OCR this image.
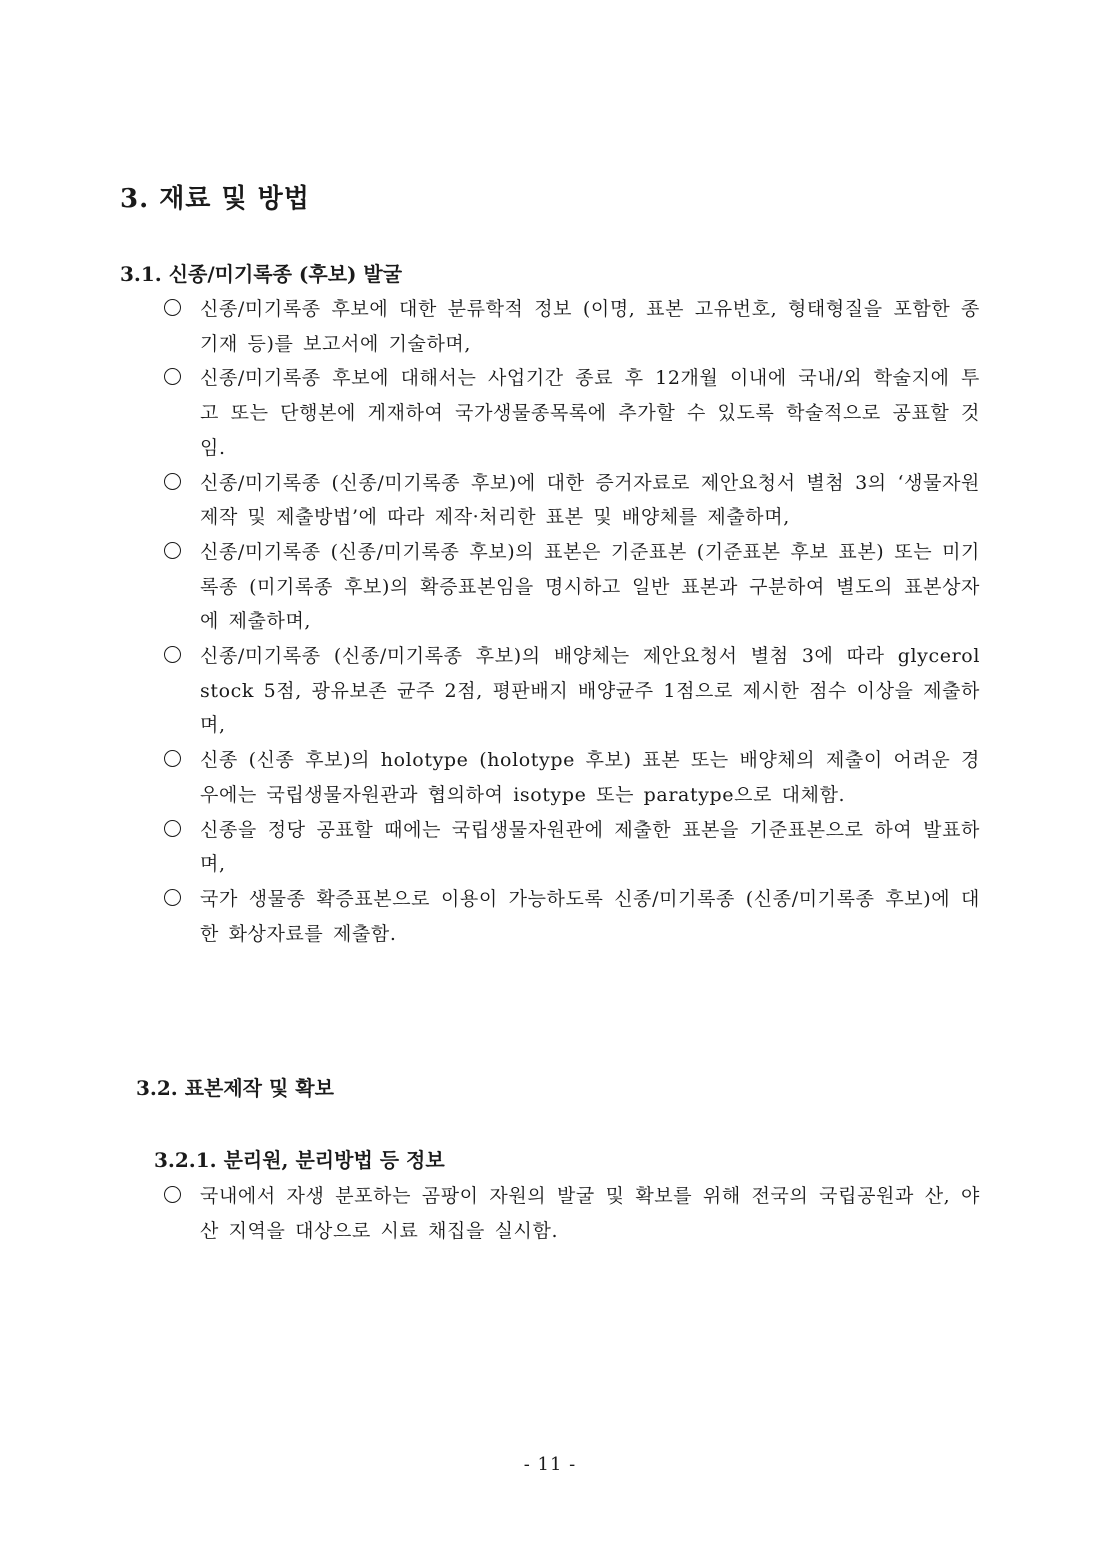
3. 재료 및 방법
3.1. 신종/미기록종 (후보) 발굴
신종/미기록종 후보에 대한 분류학적 정보 (이명, 표본 고유번호, 형태형질을 포함한 종기재 등)를 보고서에 기술하며,
신종/미기록종 후보에 대해서는 사업기간 종료 후 12개월 이내에 국내/외 학술지에 투고 또는 단행본에 게재하여 국가생물종목록에 추가할 수 있도록 학술적으로 공표할 것 임.
신종/미기록종 (신종/미기록종 후보)에 대한 증거자료로 제안요청서 별첨 3의 ‘생물자원 제작 및 제출방법’에 따라 제작·처리한 표본 및 배양체를 제출하며,
신종/미기록종 (신종/미기록종 후보)의 표본은 기준표본 (기준표본 후보 표본) 또는 미기록종 (미기록종 후보)의 확증표본임을 명시하고 일반 표본과 구분하여 별도의 표본상자에 제출하며,
신종/미기록종 (신종/미기록종 후보)의 배양체는 제안요청서 별첨 3에 따라 glycerol stock 5점, 광유보존 균주 2점, 평판배지 배양균주 1점으로 제시한 점수 이상을 제출하며,
신종 (신종 후보)의 holotype (holotype 후보) 표본 또는 배양체의 제출이 어려운 경우에는 국립생물자원관과 협의하여 isotype 또는 paratype으로 대체함.
신종을 정당 공표할 때에는 국립생물자원관에 제출한 표본을 기준표본으로 하여 발표하며,
국가 생물종 확증표본으로 이용이 가능하도록 신종/미기록종 (신종/미기록종 후보)에 대한 화상자료를 제출함.
3.2. 표본제작 및 확보
3.2.1. 분리원, 분리방법 등 정보
국내에서 자생 분포하는 곰팡이 자원의 발굴 및 확보를 위해 전국의 국립공원과 산, 야산 지역을 대상으로 시료 채집을 실시함.
- 11 -
